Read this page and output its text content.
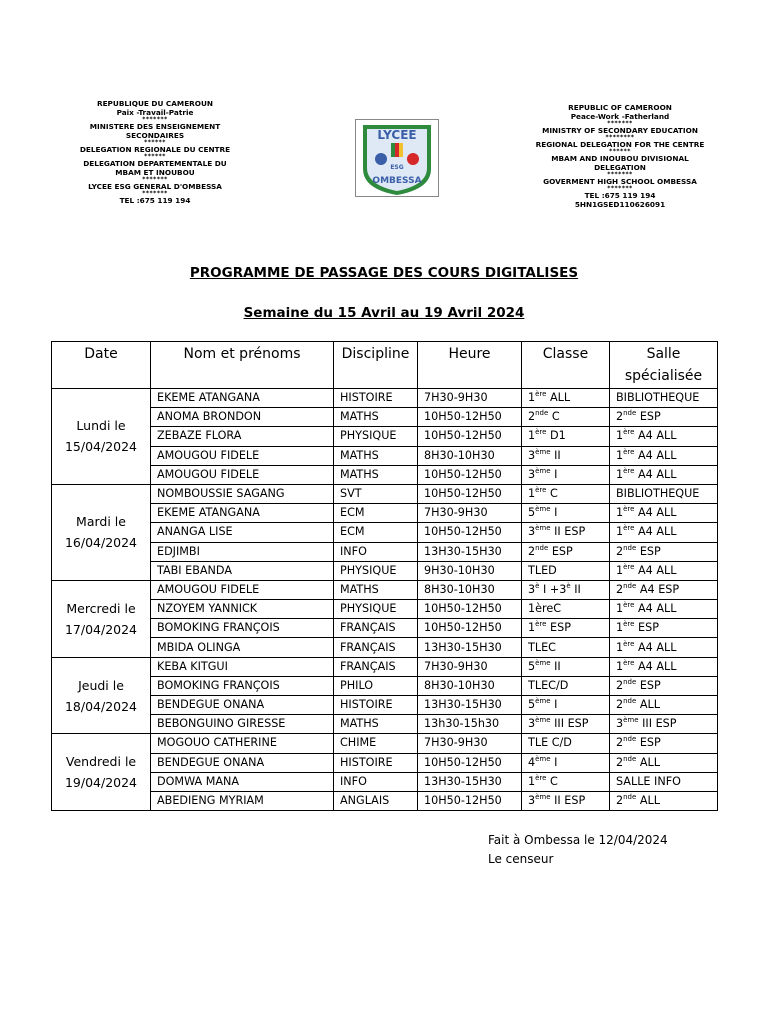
REPUBLIQUE DU CAMEROUN
Paix -Travail-Patrie
*******
MINISTERE DES ENSEIGNEMENT SECONDAIRES
******
DELEGATION REGIONALE DU CENTRE
******
DELEGATION DEPARTEMENTALE DU MBAM ET INOUBOU
*******
LYCEE ESG GENERAL D'OMBESSA
*******
TEL :675 119 194
LYCEE
ESG
OMBESSA
REPUBLIC OF CAMEROON
Peace-Work -Fatherland
*******
MINISTRY OF SECONDARY EDUCATION
********
REGIONAL DELEGATION FOR THE CENTRE
******
MBAM AND INOUBOU DIVISIONAL DELEGATION
*******
GOVERMENT HIGH SCHOOL OMBESSA
*******
TEL :675 119 194
5HN1GSED110626091
PROGRAMME DE PASSAGE DES COURS DIGITALISES
Semaine du 15 Avril au 19 Avril 2024
Date	Nom et prénoms	Discipline	Heure	Classe	Salle spécialisée
Lundi le 15/04/2024	EKEME ATANGANA	HISTOIRE	7H30-9H30	1ère ALL	BIBLIOTHEQUE
	ANOMA BRONDON	MATHS	10H50-12H50	2nde C	2nde ESP
	ZEBAZE FLORA	PHYSIQUE	10H50-12H50	1ère D1	1ère A4 ALL
	AMOUGOU FIDELE	MATHS	8H30-10H30	3ème II	1ère A4 ALL
	AMOUGOU FIDELE	MATHS	10H50-12H50	3ème I	1ère A4 ALL
Mardi le 16/04/2024	NOMBOUSSIE SAGANG	SVT	10H50-12H50	1ère C	BIBLIOTHEQUE
	EKEME ATANGANA	ECM	7H30-9H30	5ème I	1ère A4 ALL
	ANANGA LISE	ECM	10H50-12H50	3ème II ESP	1ère A4 ALL
	EDJIMBI	INFO	13H30-15H30	2nde ESP	2nde ESP
	TABI EBANDA	PHYSIQUE	9H30-10H30	TLED	1ère A4 ALL
Mercredi le 17/04/2024	AMOUGOU FIDELE	MATHS	8H30-10H30	$3^è$ $I +3^è$ II	2nde A4 ESP
	NZOYEM YANNICK	PHYSIQUE	10H50-12H50	1èreC	1ère A4 ALL
	BOMOKING FRANÇOIS	FRANÇAIS	10H50-12H50	1ère ESP	1ère ESP
	MBIDA OLINGA	FRANÇAIS	13H30-15H30	TLEC	1ère A4 ALL
Jeudi le 18/04/2024	KEBA KITGUI	FRANÇAIS	7H30-9H30	5ème II	1ère A4 ALL
	BOMOKING FRANÇOIS	PHILO	8H30-10H30	TLEC/D	2nde ESP
	BENDEGUE ONANA	HISTOIRE	13H30-15H30	5ème I	2nde ALL
	BEBONGUINO GIRESSE	MATHS	13h30-15h30	3ème III ESP	3ème III ESP
Vendredi le 19/04/2024	MOGOUO CATHERINE	CHIME	7H30-9H30	TLE C/D	2nde ESP
	BENDEGUE ONANA	HISTOIRE	10H50-12H50	4ème I	2nde ALL
	DOMWA MANA	INFO	13H30-15H30	1ère C	SALLE INFO
	ABEDIENG MYRIAM	ANGLAIS	10H50-12H50	3ème II ESP	2nde ALL
Fait à Ombessa le 12/04/2024
Le censeur
